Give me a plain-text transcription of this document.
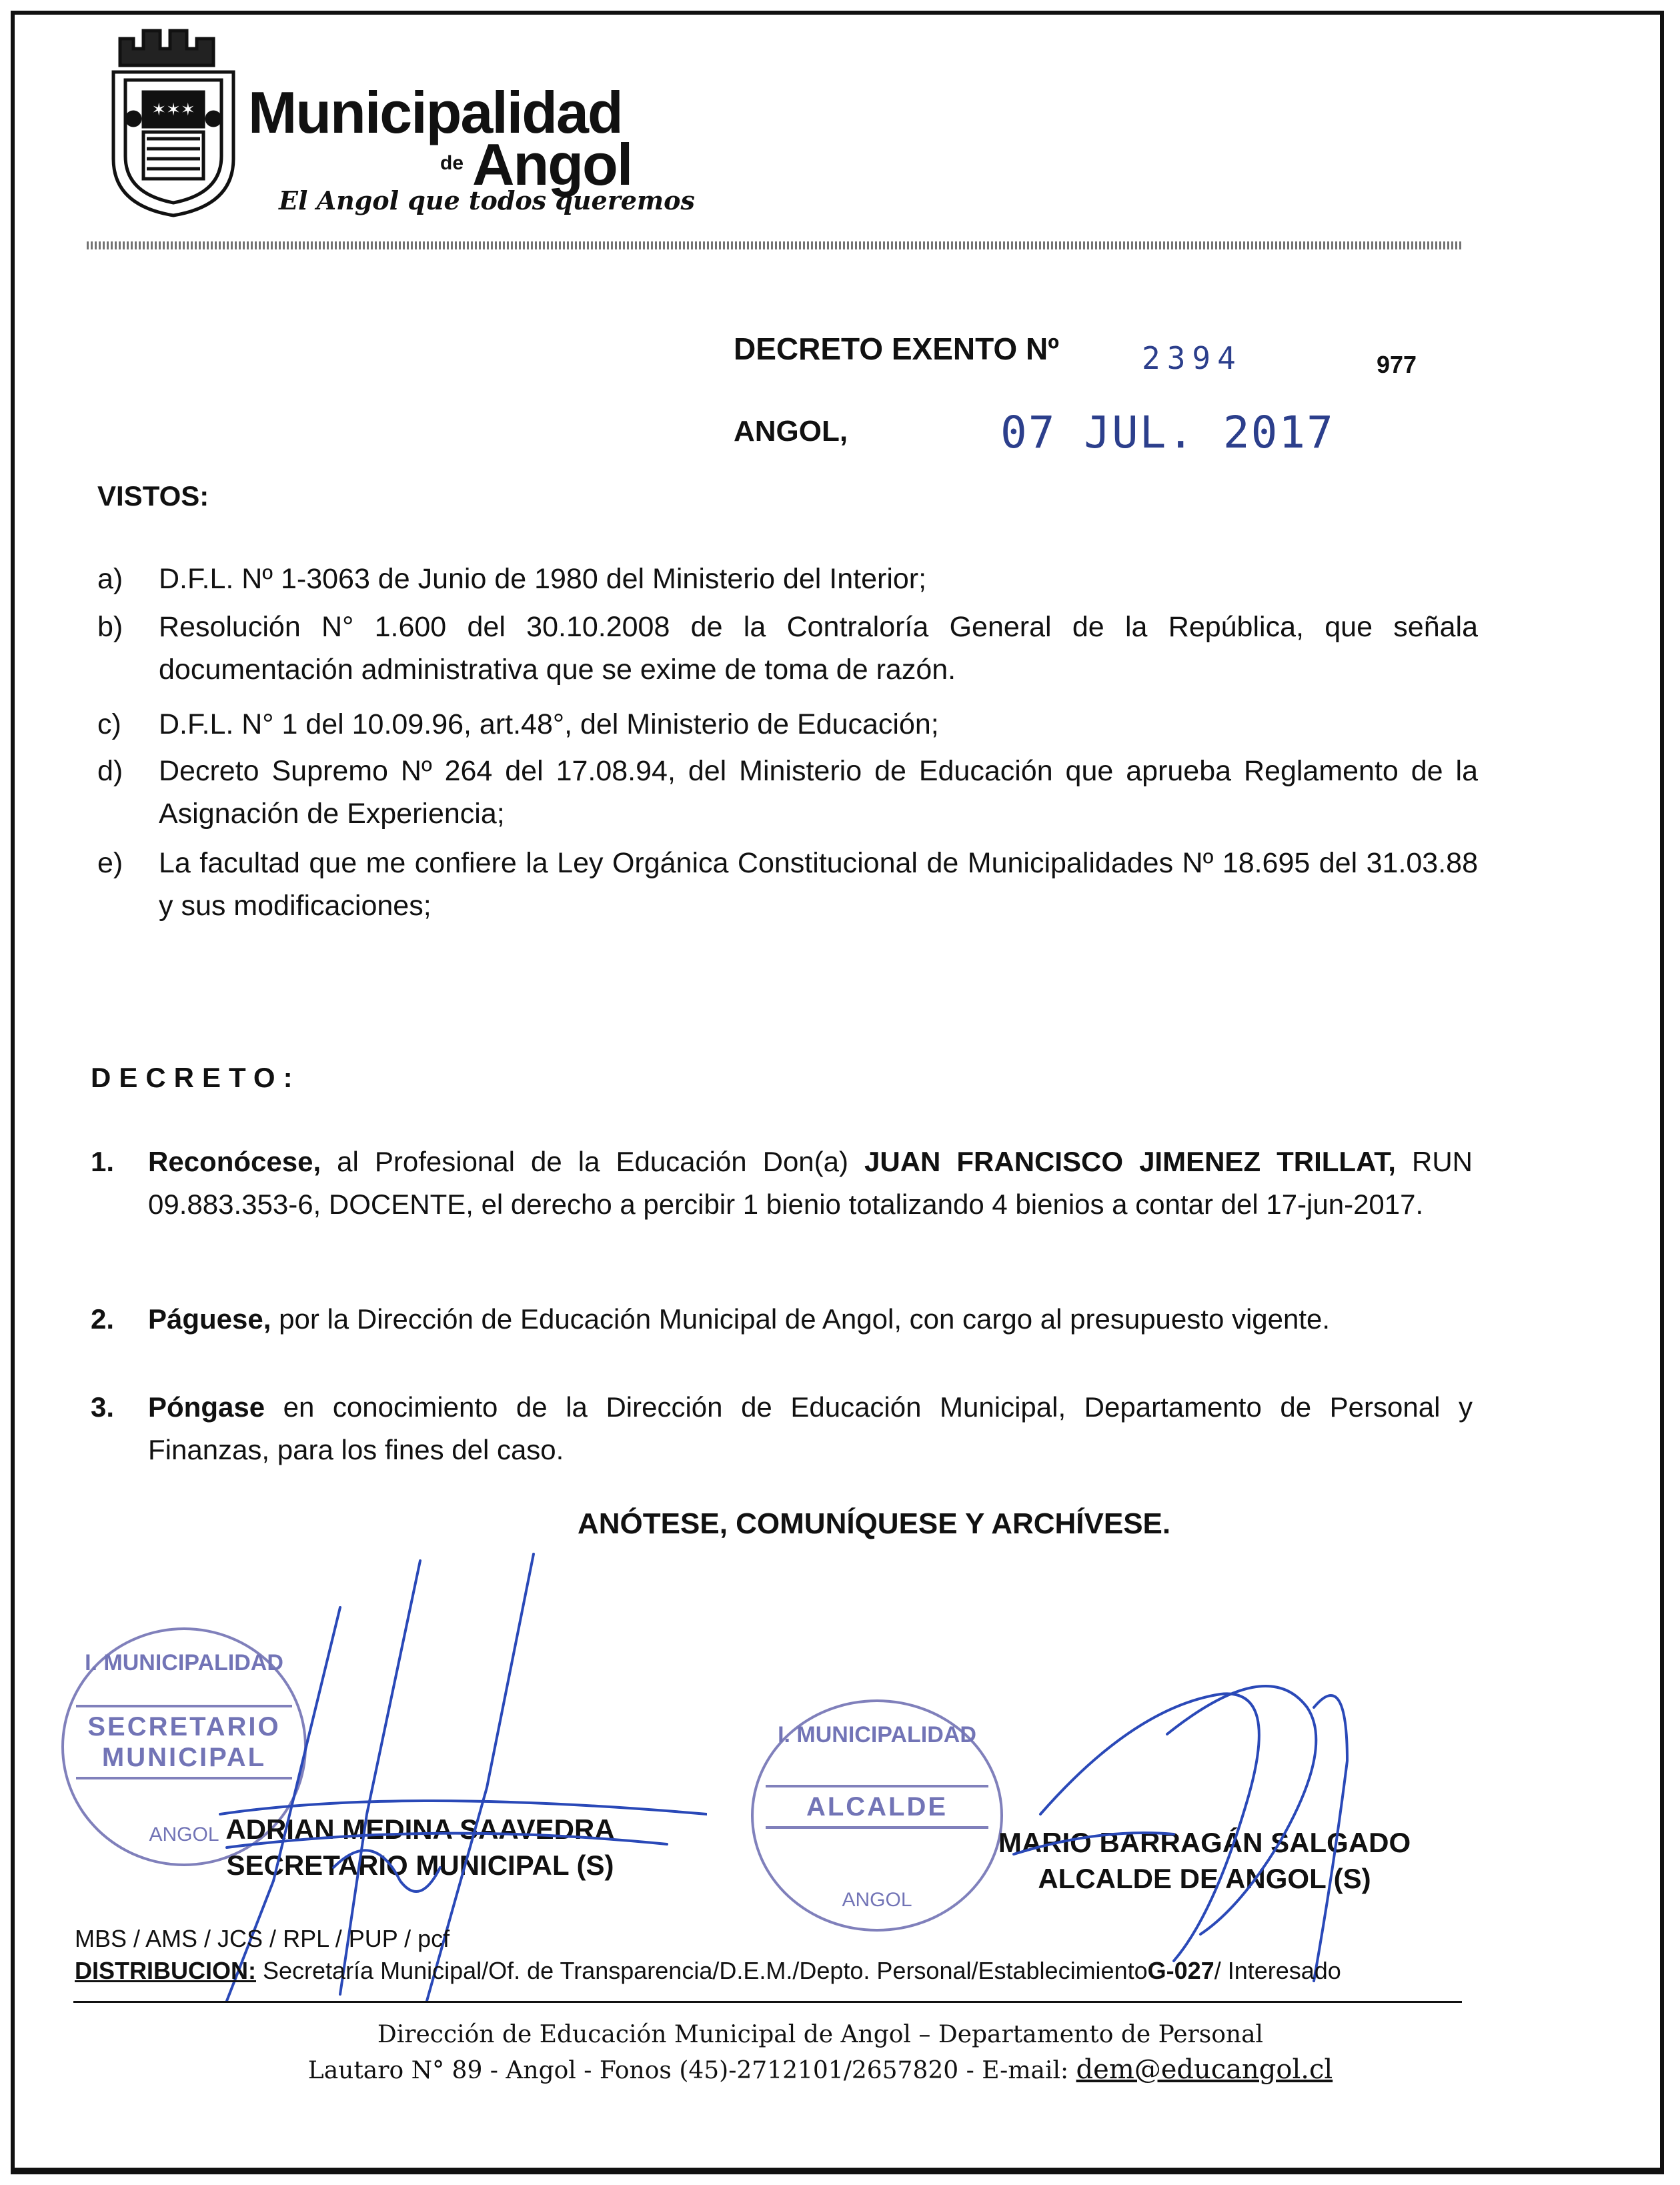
✶✶✶ Municipalidad
de Angol
El Angol que todos queremos
DECRETO EXENTO Nº	2394	977
ANGOL,	07 JUL. 2017
VISTOS:
a) D.F.L. Nº 1-3063 de Junio de 1980 del Ministerio del Interior;
b) Resolución N° 1.600 del 30.10.2008 de la Contraloría General de la República, que señala documentación administrativa que se exime de toma de razón.
c) D.F.L. N° 1 del 10.09.96, art.48°, del Ministerio de Educación;
d) Decreto Supremo Nº 264 del 17.08.94, del Ministerio de Educación que aprueba Reglamento de la Asignación de Experiencia;
e) La facultad que me confiere la Ley Orgánica Constitucional de Municipalidades Nº 18.695 del 31.03.88 y sus modificaciones;
DECRETO:
1. Reconócese, al Profesional de la Educación Don(a) JUAN FRANCISCO JIMENEZ TRILLAT, RUN 09.883.353-6, DOCENTE, el derecho a percibir 1 bienio totalizando 4 bienios a contar del 17-jun-2017.
2. Páguese, por la Dirección de Educación Municipal de Angol, con cargo al presupuesto vigente.
3. Póngase en conocimiento de la Dirección de Educación Municipal, Departamento de Personal y Finanzas, para los fines del caso.
ANÓTESE, COMUNÍQUESE Y ARCHÍVESE.
I. MUNICIPALIDAD
SECRETARIO MUNICIPAL
ANGOL
I. MUNICIPALIDAD
ALCALDE
ANGOL
ADRIAN MEDINA SAAVEDRA
SECRETARIO MUNICIPAL (S)
MARIO BARRAGÁN SALGADO
ALCALDE DE ANGOL (S)
MBS / AMS / JCS / RPL / PUP / pcf
DISTRIBUCION: Secretaría Municipal/Of. de Transparencia/D.E.M./Depto. Personal/EstablecimientoG-027/ Interesado
Dirección de Educación Municipal de Angol – Departamento de Personal
Lautaro N° 89 - Angol - Fonos (45)-2712101/2657820 - E-mail: dem@educangol.cl
